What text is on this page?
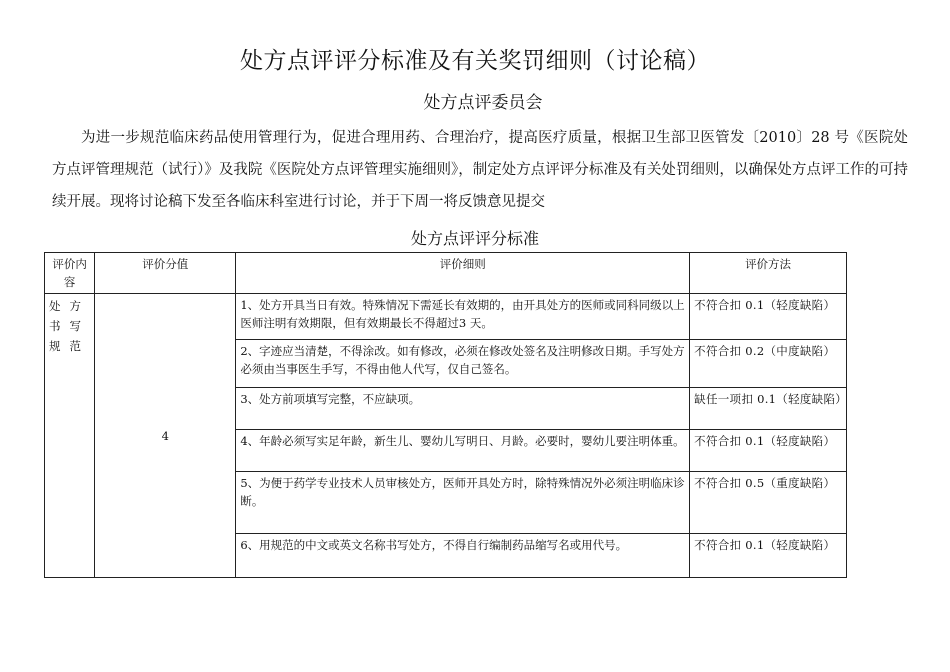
处方点评评分标准及有关奖罚细则（讨论稿）
处方点评委员会

为进一步规范临床药品使用管理行为，促进合理用药、合理治疗，提高医疗质量，根据卫生部卫医管发〔2010〕28 号《医院处方点评管理规范（试行）》及我院《医院处方点评管理实施细则》，制定处方点评评分标准及有关处罚细则，以确保处方点评工作的可持续开展。现将讨论稿下发至各临床科室进行讨论，并于下周一将反馈意见提交

处方点评评分标准
评价内容	评价分值	评价细则	评价方法
处方书写规范	4	1、处方开具当日有效。特殊情况下需延长有效期的，由开具处方的医师或同科同级以上医师注明有效期限，但有效期最长不得超过3 天。	不符合扣 0.1（轻度缺陷）
		2、字迹应当清楚，不得涂改。如有修改，必须在修改处签名及注明修改日期。手写处方必须由当事医生手写，不得由他人代写，仅自己签名。	不符合扣 0.2（中度缺陷）
		3、处方前项填写完整，不应缺项。	缺任一项扣 0.1（轻度缺陷）
		4、年龄必须写实足年龄，新生儿、婴幼儿写明日、月龄。必要时，婴幼儿要注明体重。	不符合扣 0.1（轻度缺陷）
		5、为便于药学专业技术人员审核处方，医师开具处方时，除特殊情况外必须注明临床诊断。	不符合扣 0.5（重度缺陷）
		6、用规范的中文或英文名称书写处方，不得自行编制药品缩写名或用代号。	不符合扣 0.1（轻度缺陷）
